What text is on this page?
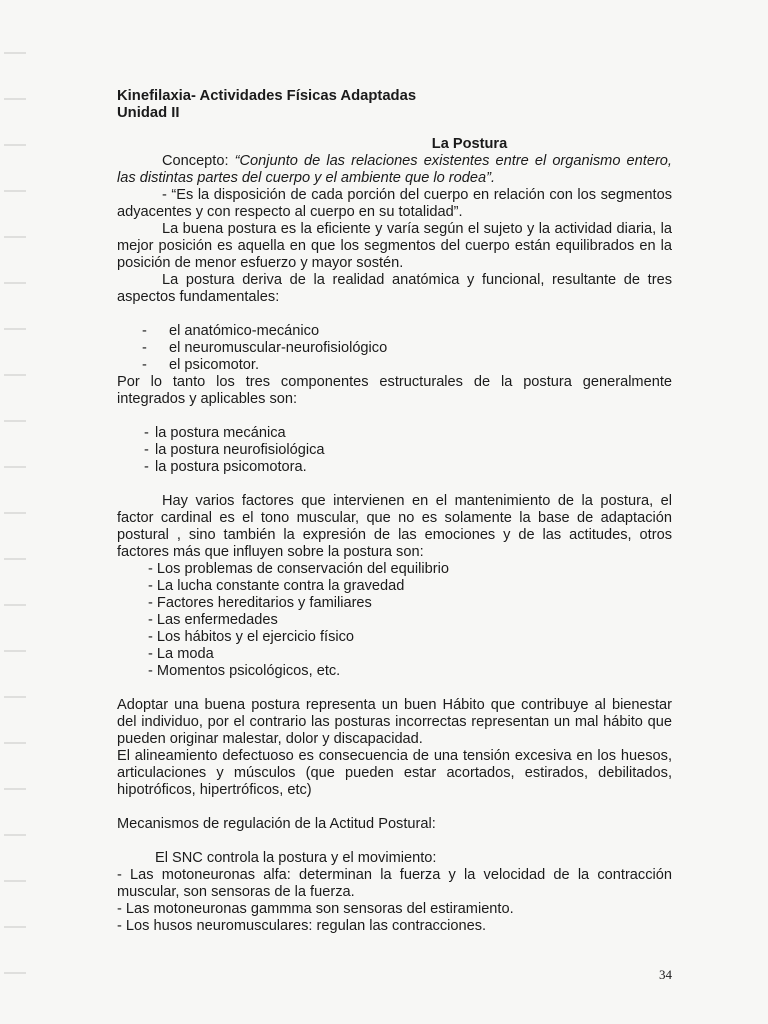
Kinefilaxia- Actividades Físicas Adaptadas
Unidad II
La Postura

Concepto: “Conjunto de las relaciones existentes entre el organismo entero, las distintas partes del cuerpo y el ambiente que lo rodea”.

- “Es la disposición de cada porción del cuerpo en relación con los segmentos adyacentes y con respecto al cuerpo en su totalidad”.

La buena postura es la eficiente y varía según el sujeto y la actividad diaria, la mejor posición es aquella en que los segmentos del cuerpo están equilibrados en la posición de menor esfuerzo y mayor sostén.

La postura deriva de la realidad anatómica y funcional, resultante de tres aspectos fundamentales:

- el anatómico-mecánico
- el neuromuscular-neurofisiológico
- el psicomotor.

Por lo tanto los tres componentes estructurales de la postura generalmente integrados y aplicables son:

- la postura mecánica
- la postura neurofisiológica
- la postura psicomotora.

Hay varios factores que intervienen en el mantenimiento de la postura, el factor cardinal es el tono muscular, que no es solamente la base de adaptación postural , sino también la expresión de las emociones y de las actitudes, otros factores más que influyen sobre la postura son:

- Los problemas de conservación del equilibrio
- La lucha constante contra la gravedad
- Factores hereditarios y familiares
- Las enfermedades
- Los hábitos y el ejercicio físico
- La moda
- Momentos psicológicos, etc.

Adoptar una buena postura representa un buen Hábito que contribuye al bienestar del individuo, por el contrario las posturas incorrectas representan un mal hábito que pueden originar malestar, dolor y discapacidad.

El alineamiento defectuoso es consecuencia de una tensión excesiva en los huesos, articulaciones y músculos (que pueden estar acortados, estirados, debilitados, hipotróficos, hipertróficos, etc)

Mecanismos de regulación de la Actitud Postural:

El SNC controla la postura y el movimiento:

- Las motoneuronas alfa: determinan la fuerza y la velocidad de la contracción muscular, son sensoras de la fuerza.

- Las motoneuronas gammma son sensoras del estiramiento.

- Los husos neuromusculares: regulan las contracciones.

34
